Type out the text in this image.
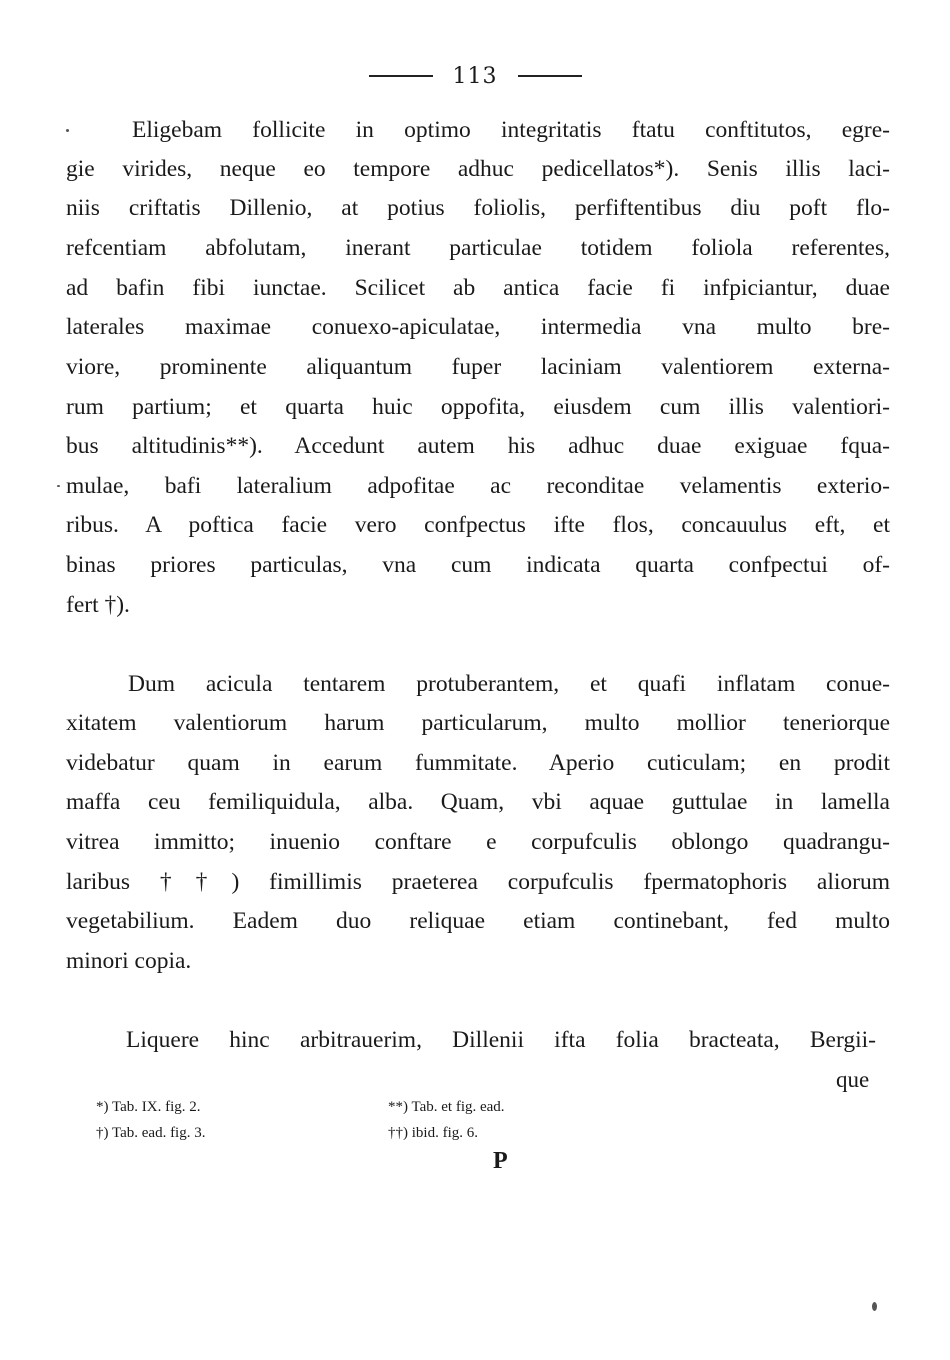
113
Eligebam follicite in optimo integritatis ftatu conftitutos, egre-
gie virides, neque eo tempore adhuc pedicellatos*). Senis illis laci-
niis criftatis Dillenio, at potius foliolis, perfiftentibus diu poft flo-
refcentiam abfolutam, inerant particulae totidem foliola referentes,
ad bafin fibi iunctae. Scilicet ab antica facie fi infpiciantur, duae
laterales maximae conuexo-apiculatae, intermedia vna multo bre-
viore, prominente aliquantum fuper laciniam valentiorem externa-
rum partium; et quarta huic oppofita, eiusdem cum illis valentiori-
bus altitudinis**). Accedunt autem his adhuc duae exiguae fqua-
mulae, bafi lateralium adpofitae ac reconditae velamentis exterio-
ribus. A poftica facie vero confpectus ifte flos, concauulus eft, et
binas priores particulas, vna cum indicata quarta confpectui of-
fert †).
Dum acicula tentarem protuberantem, et quafi inflatam conue-
xitatem valentiorum harum particularum, multo mollior teneriorque
videbatur quam in earum fummitate. Aperio cuticulam; en prodit
maffa ceu femiliquidula, alba. Quam, vbi aquae guttulae in lamella
vitrea immitto; inuenio conftare e corpufculis oblongo quadrangu-
laribus ††) fimillimis praeterea corpufculis fpermatophoris aliorum
vegetabilium. Eadem duo reliquae etiam continebant, fed multo
minori copia.
Liquere hinc arbitrauerim, Dillenii ifta folia bracteata, Bergii-
que
*) Tab. IX. fig. 2.	**) Tab. et fig. ead.
†) Tab. ead. fig. 3.	††) ibid. fig. 6.
P
